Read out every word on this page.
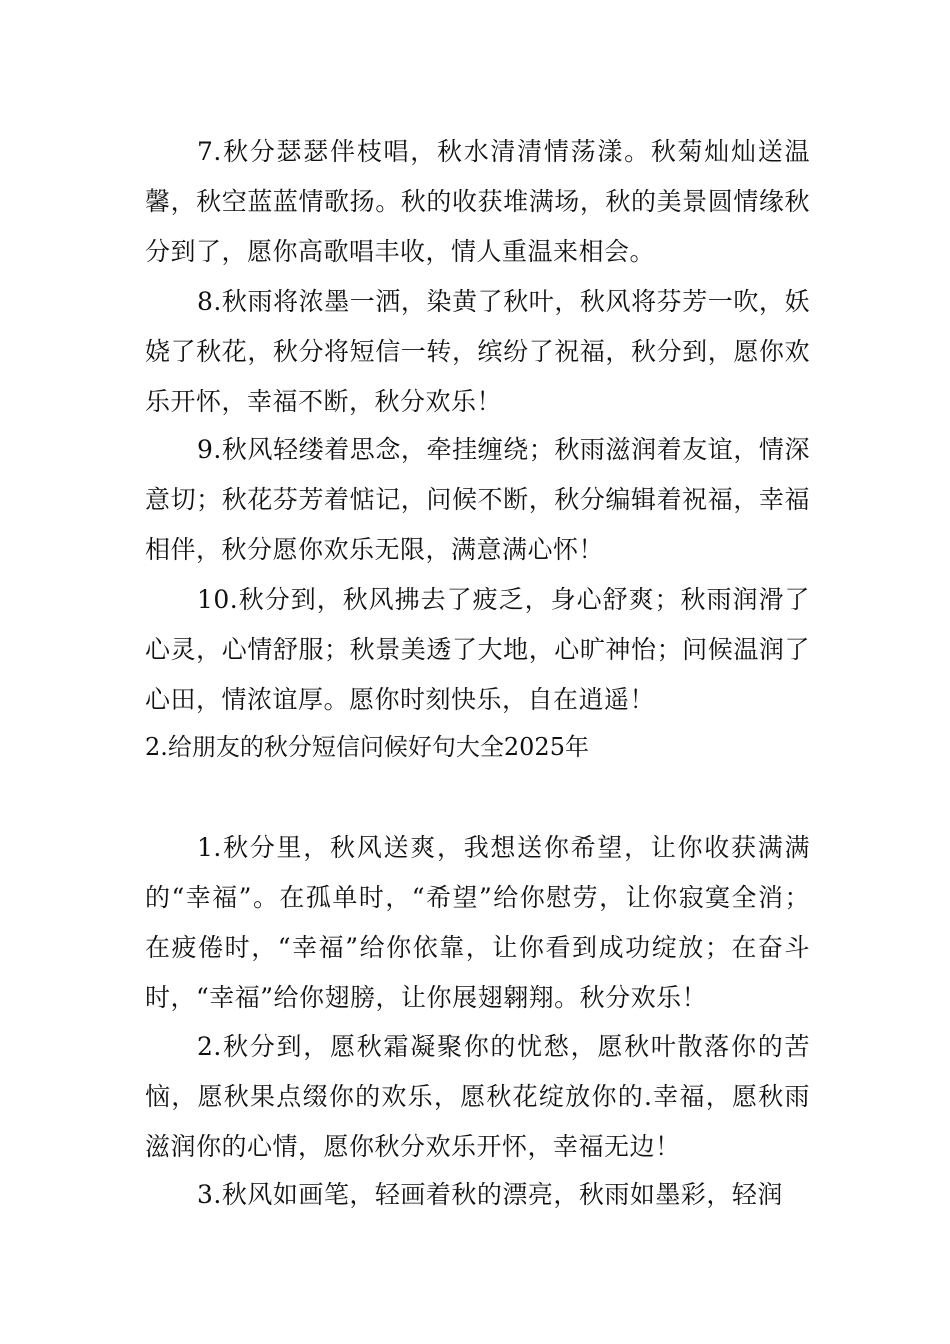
7.秋分瑟瑟伴枝唱，秋水清清情荡漾。秋菊灿灿送温馨，秋空蓝蓝情歌扬。秋的收获堆满场，秋的美景圆情缘秋分到了，愿你高歌唱丰收，情人重温来相会。

8.秋雨将浓墨一洒，染黄了秋叶，秋风将芬芳一吹，妖娆了秋花，秋分将短信一转，缤纷了祝福，秋分到，愿你欢乐开怀，幸福不断，秋分欢乐！

9.秋风轻缕着思念，牵挂缠绕；秋雨滋润着友谊，情深意切；秋花芬芳着惦记，问候不断，秋分编辑着祝福，幸福相伴，秋分愿你欢乐无限，满意满心怀！

10.秋分到，秋风拂去了疲乏，身心舒爽；秋雨润滑了心灵，心情舒服；秋景美透了大地，心旷神怡；问候温润了心田，情浓谊厚。愿你时刻快乐，自在逍遥！

2.给朋友的秋分短信问候好句大全2025年

1.秋分里，秋风送爽，我想送你希望，让你收获满满的“幸福”。在孤单时，“希望”给你慰劳，让你寂寞全消；在疲倦时，“幸福”给你依靠，让你看到成功绽放；在奋斗时，“幸福”给你翅膀，让你展翅翱翔。秋分欢乐！

2.秋分到，愿秋霜凝聚你的忧愁，愿秋叶散落你的苦恼，愿秋果点缀你的欢乐，愿秋花绽放你的.幸福，愿秋雨滋润你的心情，愿你秋分欢乐开怀，幸福无边！

3.秋风如画笔，轻画着秋的漂亮，秋雨如墨彩，轻润
